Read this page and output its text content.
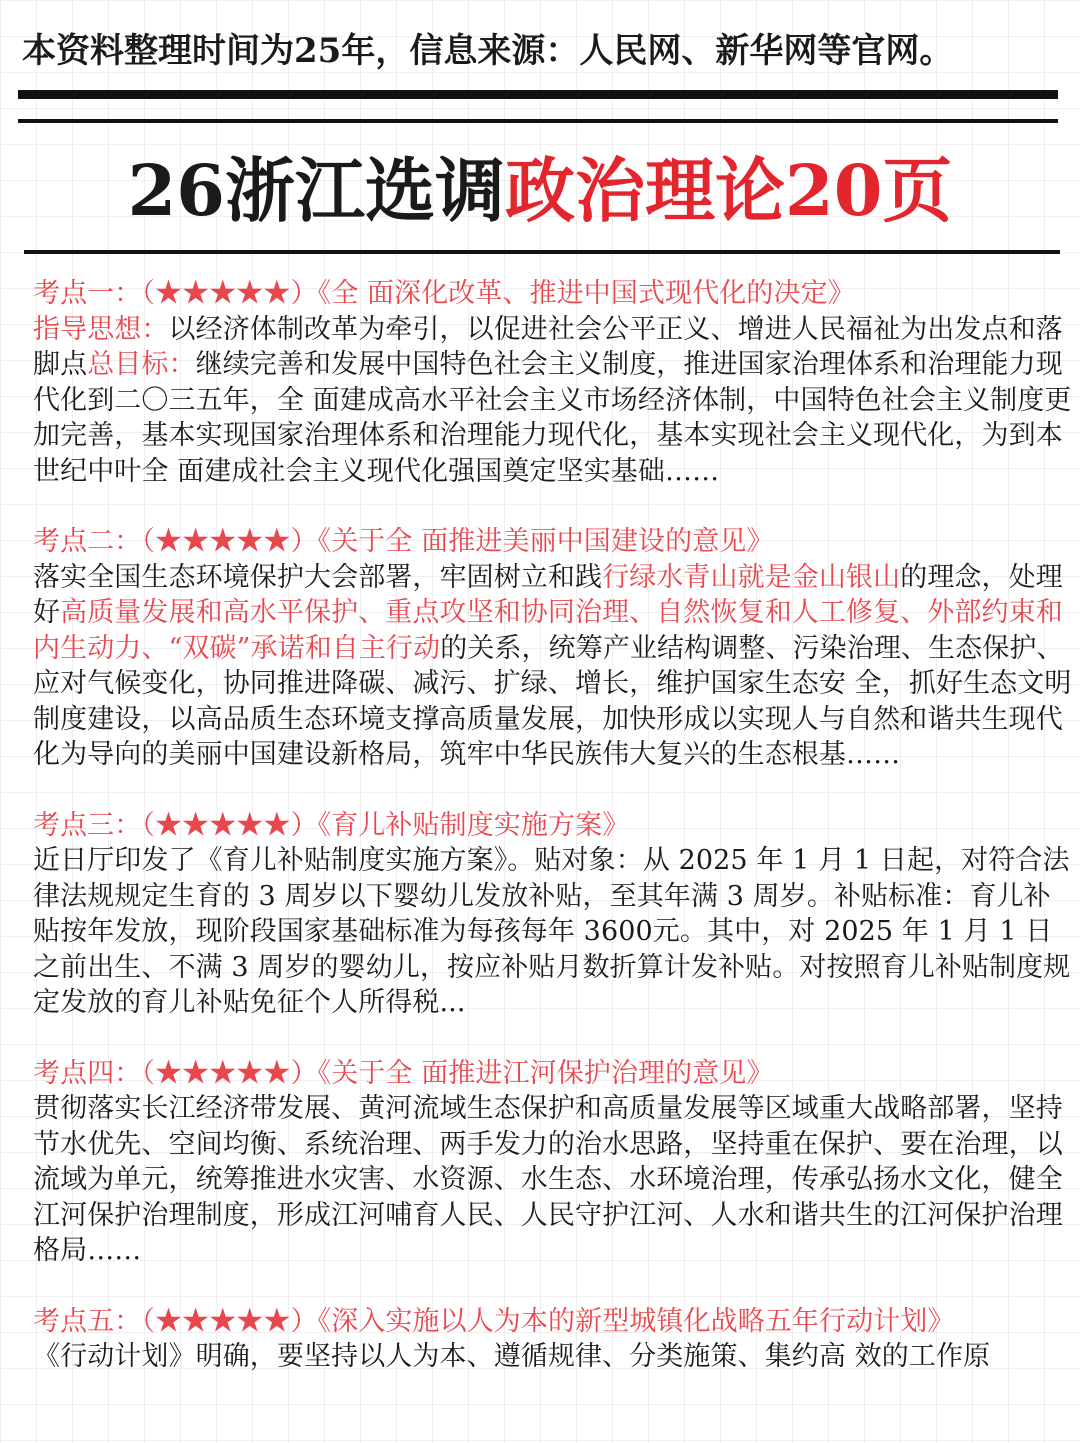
本资料整理时间为25年，信息来源：人民网、新华网等官网。
26浙江选调政治理论20页
考点一：（★★★★★）《全 面深化改革、推进中国式现代化的决定》

指导思想：以经济体制改革为牵引，以促进社会公平正义、增进人民福祉为出发点和落脚点总目标：继续完善和发展中国特色社会主义制度，推进国家治理体系和治理能力现代化到二〇三五年，全 面建成高水平社会主义市场经济体制，中国特色社会主义制度更加完善，基本实现国家治理体系和治理能力现代化，基本实现社会主义现代化，为到本世纪中叶全 面建成社会主义现代化强国奠定坚实基础……

考点二：（★★★★★）《关于全 面推进美丽中国建设的意见》

落实全国生态环境保护大会部署，牢固树立和践行绿水青山就是金山银山的理念，处理好高质量发展和高水平保护、重点攻坚和协同治理、自然恢复和人工修复、外部约束和内生动力、“双碳”承诺和自主行动的关系，统筹产业结构调整、污染治理、生态保护、应对气候变化，协同推进降碳、减污、扩绿、增长，维护国家生态安 全，抓好生态文明制度建设，以高品质生态环境支撑高质量发展，加快形成以实现人与自然和谐共生现代化为导向的美丽中国建设新格局，筑牢中华民族伟大复兴的生态根基……

考点三：（★★★★★）《育儿补贴制度实施方案》

近日厅印发了《育儿补贴制度实施方案》。贴对象：从 2025 年 1 月 1 日起，对符合法律法规规定生育的 3 周岁以下婴幼儿发放补贴，至其年满 3 周岁。补贴标准：育儿补贴按年发放，现阶段国家基础标准为每孩每年 3600元。其中，对 2025 年 1 月 1 日之前出生、不满 3 周岁的婴幼儿，按应补贴月数折算计发补贴。对按照育儿补贴制度规定发放的育儿补贴免征个人所得税...

考点四：（★★★★★）《关于全 面推进江河保护治理的意见》

贯彻落实长江经济带发展、黄河流域生态保护和高质量发展等区域重大战略部署，坚持节水优先、空间均衡、系统治理、两手发力的治水思路，坚持重在保护、要在治理，以流域为单元，统筹推进水灾害、水资源、水生态、水环境治理，传承弘扬水文化，健全江河保护治理制度，形成江河哺育人民、人民守护江河、人水和谐共生的江河保护治理格局……

考点五：（★★★★★）《深入实施以人为本的新型城镇化战略五年行动计划》

《行动计划》明确，要坚持以人为本、遵循规律、分类施策、集约高 效的工作原
